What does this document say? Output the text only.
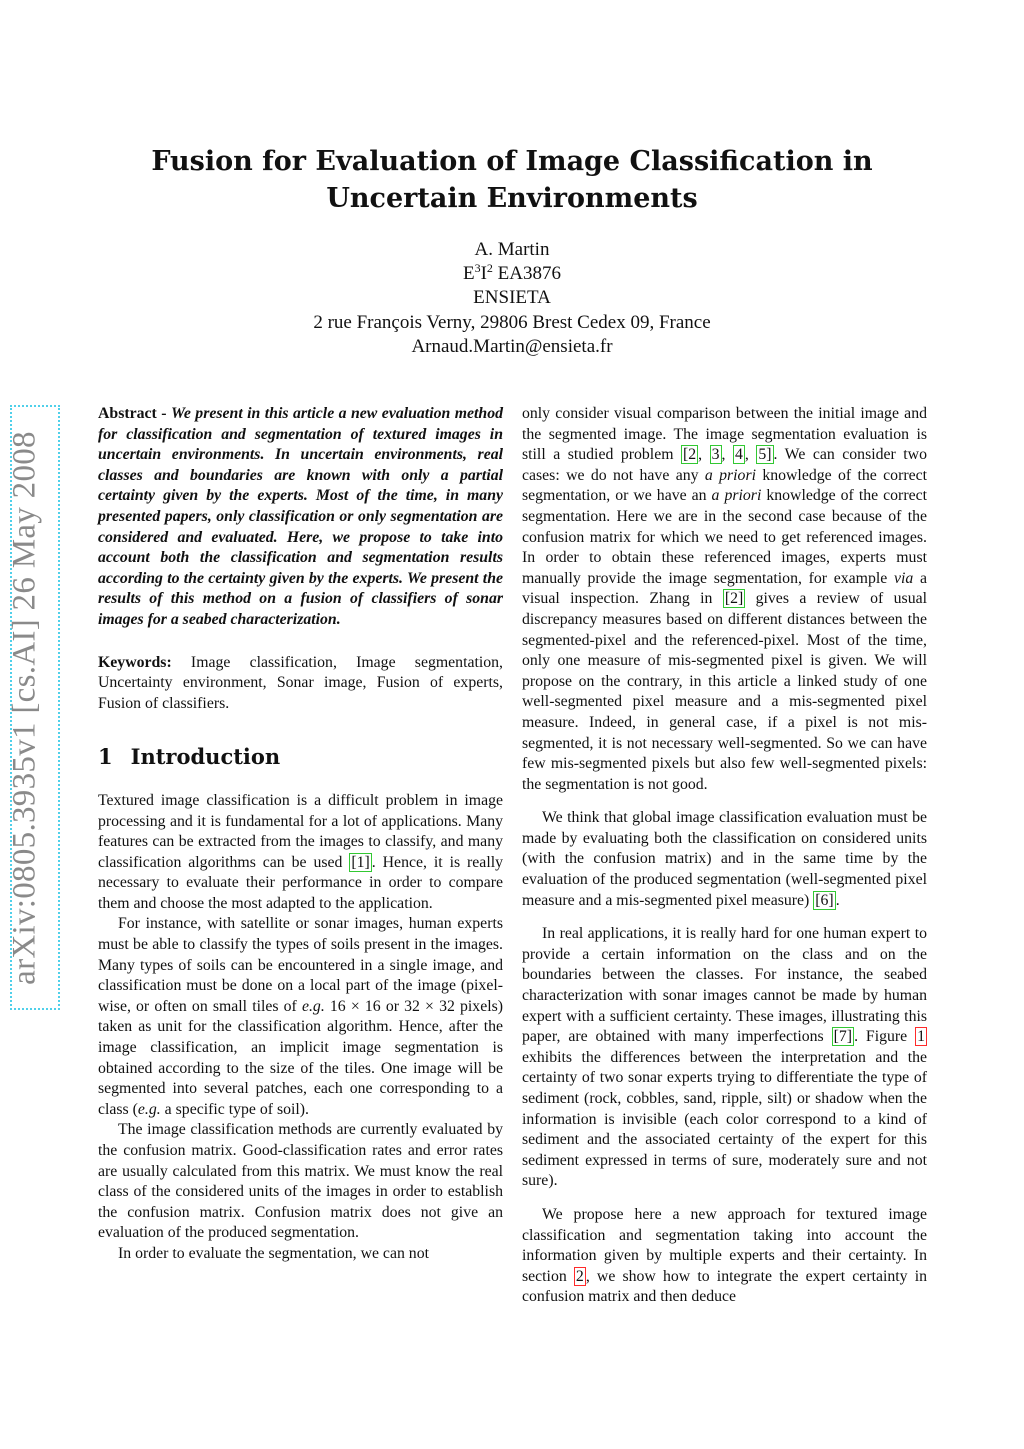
arXiv:0805.3935v1 [cs.AI] 26 May 2008
Fusion for Evaluation of Image Classification in
Uncertain Environments
A. Martin
$E^3I^2$ EA3876
ENSIETA
2 rue François Verny, 29806 Brest Cedex 09, France
Arnaud.Martin@ensieta.fr

Abstract - We present in this article a new evaluation method for classification and segmentation of textured images in uncertain environments. In uncertain environments, real classes and boundaries are known with only a partial certainty given by the experts. Most of the time, in many presented papers, only classification or only segmentation are considered and evaluated. Here, we propose to take into account both the classification and segmentation results according to the certainty given by the experts. We present the results of this method on a fusion of classifiers of sonar images for a seabed characterization.

Keywords: Image classification, Image segmentation, Uncertainty environment, Sonar image, Fusion of experts, Fusion of classifiers.

1 Introduction

Textured image classification is a difficult problem in image processing and it is fundamental for a lot of applications. Many features can be extracted from the images to classify, and many classification algorithms can be used [1] . Hence, it is really necessary to evaluate their performance in order to compare them and choose the most adapted to the application.

For instance, with satellite or sonar images, human experts must be able to classify the types of soils present in the images. Many types of soils can be encountered in a single image, and classification must be done on a local part of the image (pixel-wise, or often on small tiles of e.g. 16 × 16 or 32 × 32 pixels) taken as unit for the classification algorithm. Hence, after the image classification, an implicit image segmentation is obtained according to the size of the tiles. One image will be segmented into several patches, each one corresponding to a class (e.g. a specific type of soil).

The image classification methods are currently evaluated by the confusion matrix. Good-classification rates and error rates are usually calculated from this matrix. We must know the real class of the considered units of the images in order to establish the confusion matrix. Confusion matrix does not give an evaluation of the produced segmentation.

In order to evaluate the segmentation, we can not

only consider visual comparison between the initial image and the segmented image. The image segmentation evaluation is still a studied problem [2 , 3 , 4 , 5] . We can consider two cases: we do not have any a priori knowledge of the correct segmentation, or we have an a priori knowledge of the correct segmentation. Here we are in the second case because of the confusion matrix for which we need to get referenced images. In order to obtain these referenced images, experts must manually provide the image segmentation, for example via a visual inspection. Zhang in [2] gives a review of usual discrepancy measures based on different distances between the segmented-pixel and the referenced-pixel. Most of the time, only one measure of mis-segmented pixel is given. We will propose on the contrary, in this article a linked study of one well-segmented pixel measure and a mis-segmented pixel measure. Indeed, in general case, if a pixel is not mis-segmented, it is not necessary well-segmented. So we can have few mis-segmented pixels but also few well-segmented pixels: the segmentation is not good.

We think that global image classification evaluation must be made by evaluating both the classification on considered units (with the confusion matrix) and in the same time by the evaluation of the produced segmentation (well-segmented pixel measure and a mis-segmented pixel measure) [6] .

In real applications, it is really hard for one human expert to provide a certain information on the class and on the boundaries between the classes. For instance, the seabed characterization with sonar images cannot be made by human expert with a sufficient certainty. These images, illustrating this paper, are obtained with many imperfections [7] . Figure 1 exhibits the differences between the interpretation and the certainty of two sonar experts trying to differentiate the type of sediment (rock, cobbles, sand, ripple, silt) or shadow when the information is invisible (each color correspond to a kind of sediment and the associated certainty of the expert for this sediment expressed in terms of sure, moderately sure and not sure).

We propose here a new approach for textured image classification and segmentation taking into account the information given by multiple experts and their certainty. In section 2 , we show how to integrate the expert certainty in confusion matrix and then deduce
